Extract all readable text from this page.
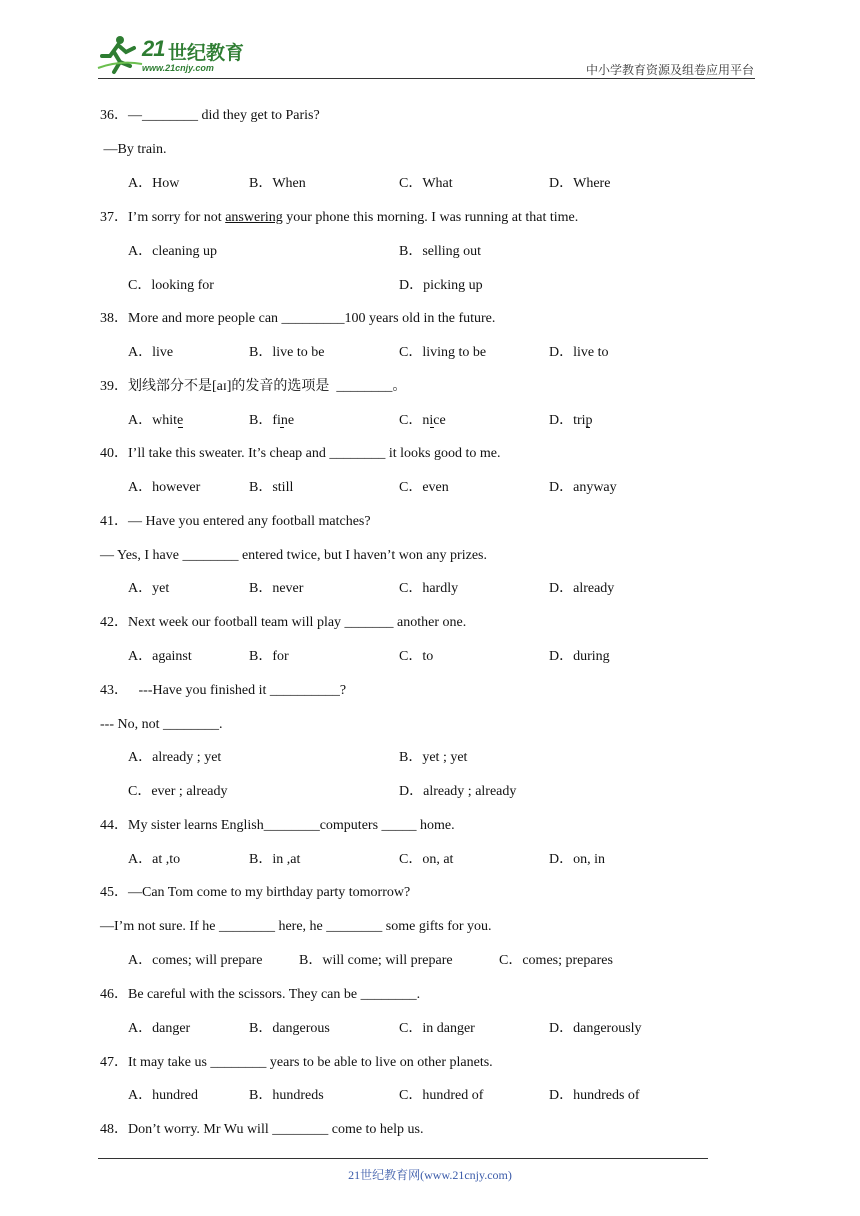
21 世纪教育
www.21cnjy.com	中小学教育资源及组卷应用平台
36．—________ did they get to Paris?
—By train.
A．How	B．When	C．What	D．Where
37．I’m sorry for not answering your phone this morning. I was running at that time.
A．cleaning up	B．selling out
C．looking for	D．picking up
38．More and more people can _________100 years old in the future.
A．live	B．live to be	C．living to be	D．live to
39．划线部分不是[aɪ]的发音的选项是  ________。
A．white	B．fine	C．nice	D．trip
40．I’ll take this sweater. It’s cheap and ________ it looks good to me.
A．however	B．still	C．even	D．anyway
41．— Have you entered any football matches?
— Yes, I have ________ entered twice, but I haven’t won any prizes.
A．yet	B．never	C．hardly	D．already
42．Next week our football team will play _______ another one.
A．against	B．for	C．to	D．during
43．   ---Have you finished it __________?
--- No, not ________.
A．already ; yet	B．yet ; yet
C．ever ; already	D．already ; already
44．My sister learns English________computers _____ home.
A．at ,to	B．in ,at	C．on, at	D．on, in
45．—Can Tom come to my birthday party tomorrow?
—I’m not sure. If he ________ here, he ________ some gifts for you.
A．comes; will prepare	B．will come; will prepare	C．comes; prepares
46．Be careful with the scissors. They can be ________.
A．danger	B．dangerous	C．in danger	D．dangerously
47．It may take us ________ years to be able to live on other planets.
A．hundred	B．hundreds	C．hundred of	D．hundreds of
48．Don’t worry. Mr Wu will ________ come to help us.
21世纪教育网(www.21cnjy.com)
